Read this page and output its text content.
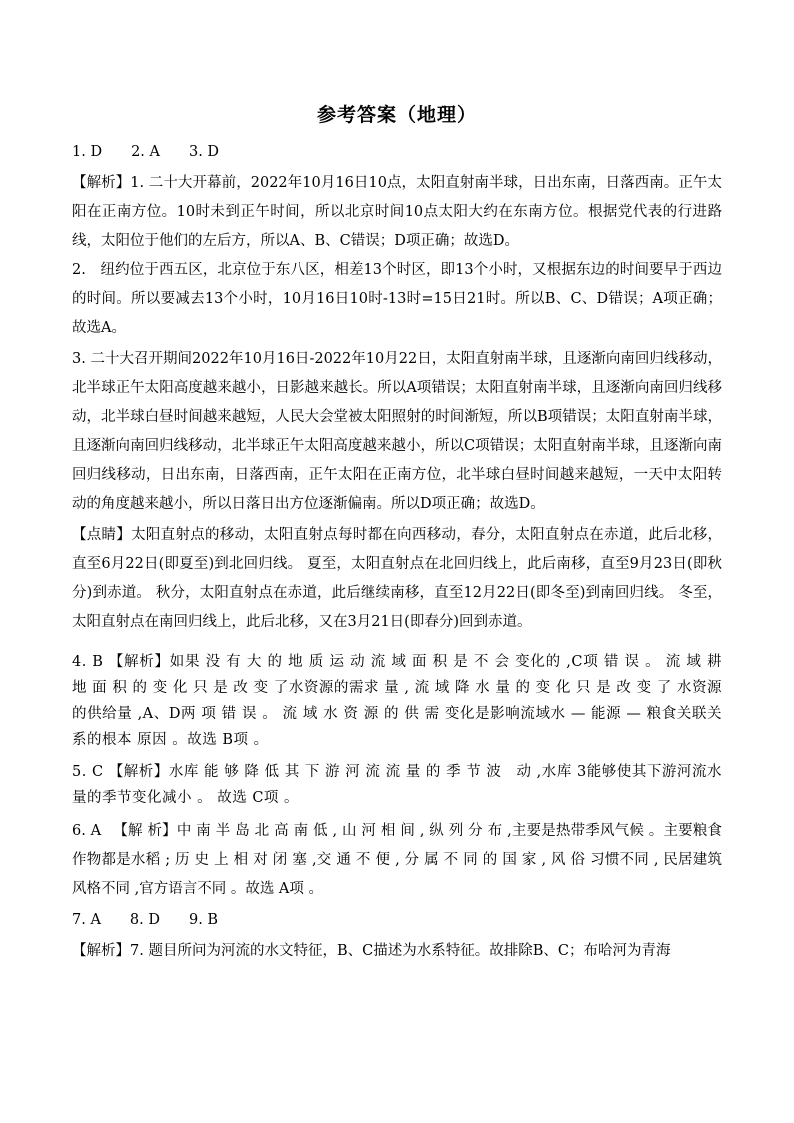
参考答案（地理）

1. D　　2. A　　3. D

【解析】1. 二十大开幕前，2022年10月16日10点，太阳直射南半球，日出东南，日落西南。正午太阳在正南方位。10时未到正午时间，所以北京时间10点太阳大约在东南方位。根据党代表的行进路线，太阳位于他们的左后方，所以A、B、C错误；D项正确；故选D。

2.　纽约位于西五区，北京位于东八区，相差13个时区，即13个小时，又根据东边的时间要早于西边的时间。所以要减去13个小时，10月16日10时-13时=15日21时。所以B、C、D错误；A项正确；故选A。

3. 二十大召开期间2022年10月16日-2022年10月22日，太阳直射南半球，且逐渐向南回归线移动，北半球正午太阳高度越来越小，日影越来越长。所以A项错误；太阳直射南半球，且逐渐向南回归线移动，北半球白昼时间越来越短，人民大会堂被太阳照射的时间渐短，所以B项错误；太阳直射南半球，且逐渐向南回归线移动，北半球正午太阳高度越来越小，所以C项错误；太阳直射南半球，且逐渐向南回归线移动，日出东南，日落西南，正午太阳在正南方位，北半球白昼时间越来越短，一天中太阳转动的角度越来越小，所以日落日出方位逐渐偏南。所以D项正确；故选D。

【点睛】太阳直射点的移动，太阳直射点每时都在向西移动，春分，太阳直射点在赤道，此后北移，直至6月22日(即夏至)到北回归线。 夏至，太阳直射点在北回归线上，此后南移，直至9月23日(即秋分)到赤道。 秋分，太阳直射点在赤道，此后继续南移，直至12月22日(即冬至)到南回归线。 冬至，太阳直射点在南回归线上，此后北移，又在3月21日(即春分)回到赤道。

4. B 【解析】如果 没 有 大 的 地 质 运 动 流 域 面 积 是 不 会 变化的 ,C项 错 误 。 流 域 耕 地 面 积 的 变 化 只 是 改 变 了水资源的需求 量 , 流 域 降 水 量 的 变 化 只 是 改 变 了 水资源的供给量 ,A、D两 项 错 误 。 流 域 水 资 源 的 供 需 变化是影响流域水 — 能源 — 粮食关联关系的根本 原因 。故选 B项 。

5. C 【解析】水库 能 够 降 低 其 下 游 河 流 流 量 的 季 节 波　动 ,水库 3能够使其下游河流水量的季节变化减小 。 故选 C项 。

6. A 　【解 析】中 南 半 岛 北 高 南 低 , 山 河 相 间 , 纵 列 分 布 ,主要是热带季风气候 。主要粮食作物都是水稻 ; 历 史 上 相 对 闭 塞 ,交 通 不 便 , 分 属 不 同 的 国 家 , 风 俗 习惯不同 , 民居建筑风格不同 ,官方语言不同 。故选 A项 。

7. A　　8. D　　9. B

【解析】7. 题目所问为河流的水文特征，B、C描述为水系特征。故排除B、C；布哈河为青海
